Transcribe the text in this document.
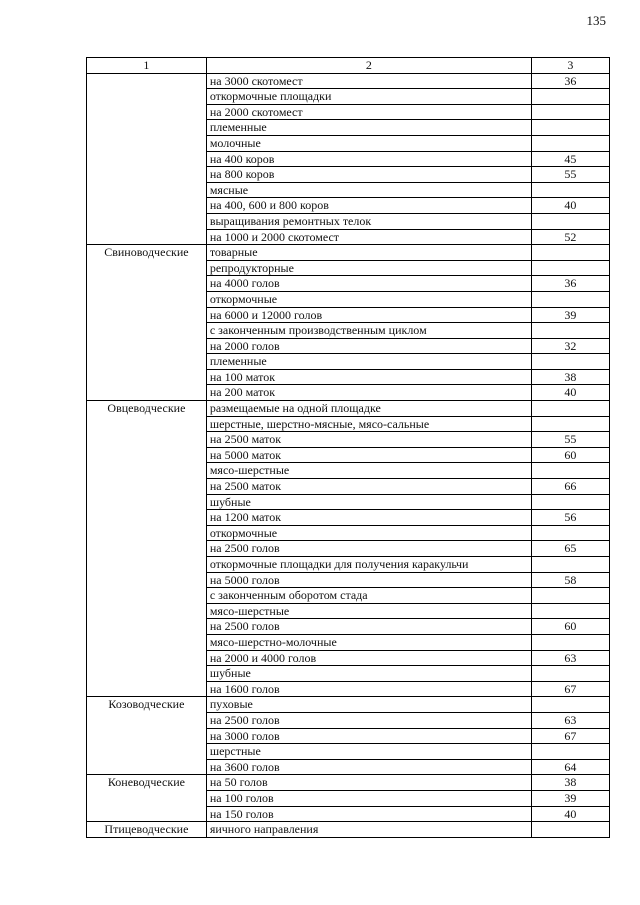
135
1	2	3
	на 3000 скотомест	36
	откормочные площадки	
	на 2000 скотомест	
	племенные	
	молочные	
	на 400 коров	45
	на 800 коров	55
	мясные	
	на 400, 600 и 800 коров	40
	выращивания ремонтных телок	
	на 1000 и 2000 скотомест	52
Свиноводческие	товарные	
	репродукторные	
	на 4000 голов	36
	откормочные	
	на 6000 и 12000 голов	39
	с законченным производственным циклом	
	на 2000 голов	32
	племенные	
	на 100 маток	38
	на 200 маток	40
Овцеводческие	размещаемые на одной площадке	
	шерстные, шерстно-мясные, мясо-сальные	
	на 2500 маток	55
	на 5000 маток	60
	мясо-шерстные	
	на 2500 маток	66
	шубные	
	на 1200 маток	56
	откормочные	
	на 2500 голов	65
	откормочные площадки для получения каракульчи	
	на 5000 голов	58
	с законченным оборотом стада	
	мясо-шерстные	
	на 2500 голов	60
	мясо-шерстно-молочные	
	на 2000 и 4000 голов	63
	шубные	
	на 1600 голов	67
Козоводческие	пуховые	
	на 2500 голов	63
	на 3000 голов	67
	шерстные	
	на 3600 голов	64
Коневодческие	на 50 голов	38
	на 100 голов	39
	на 150 голов	40
Птицеводческие	яичного направления	
